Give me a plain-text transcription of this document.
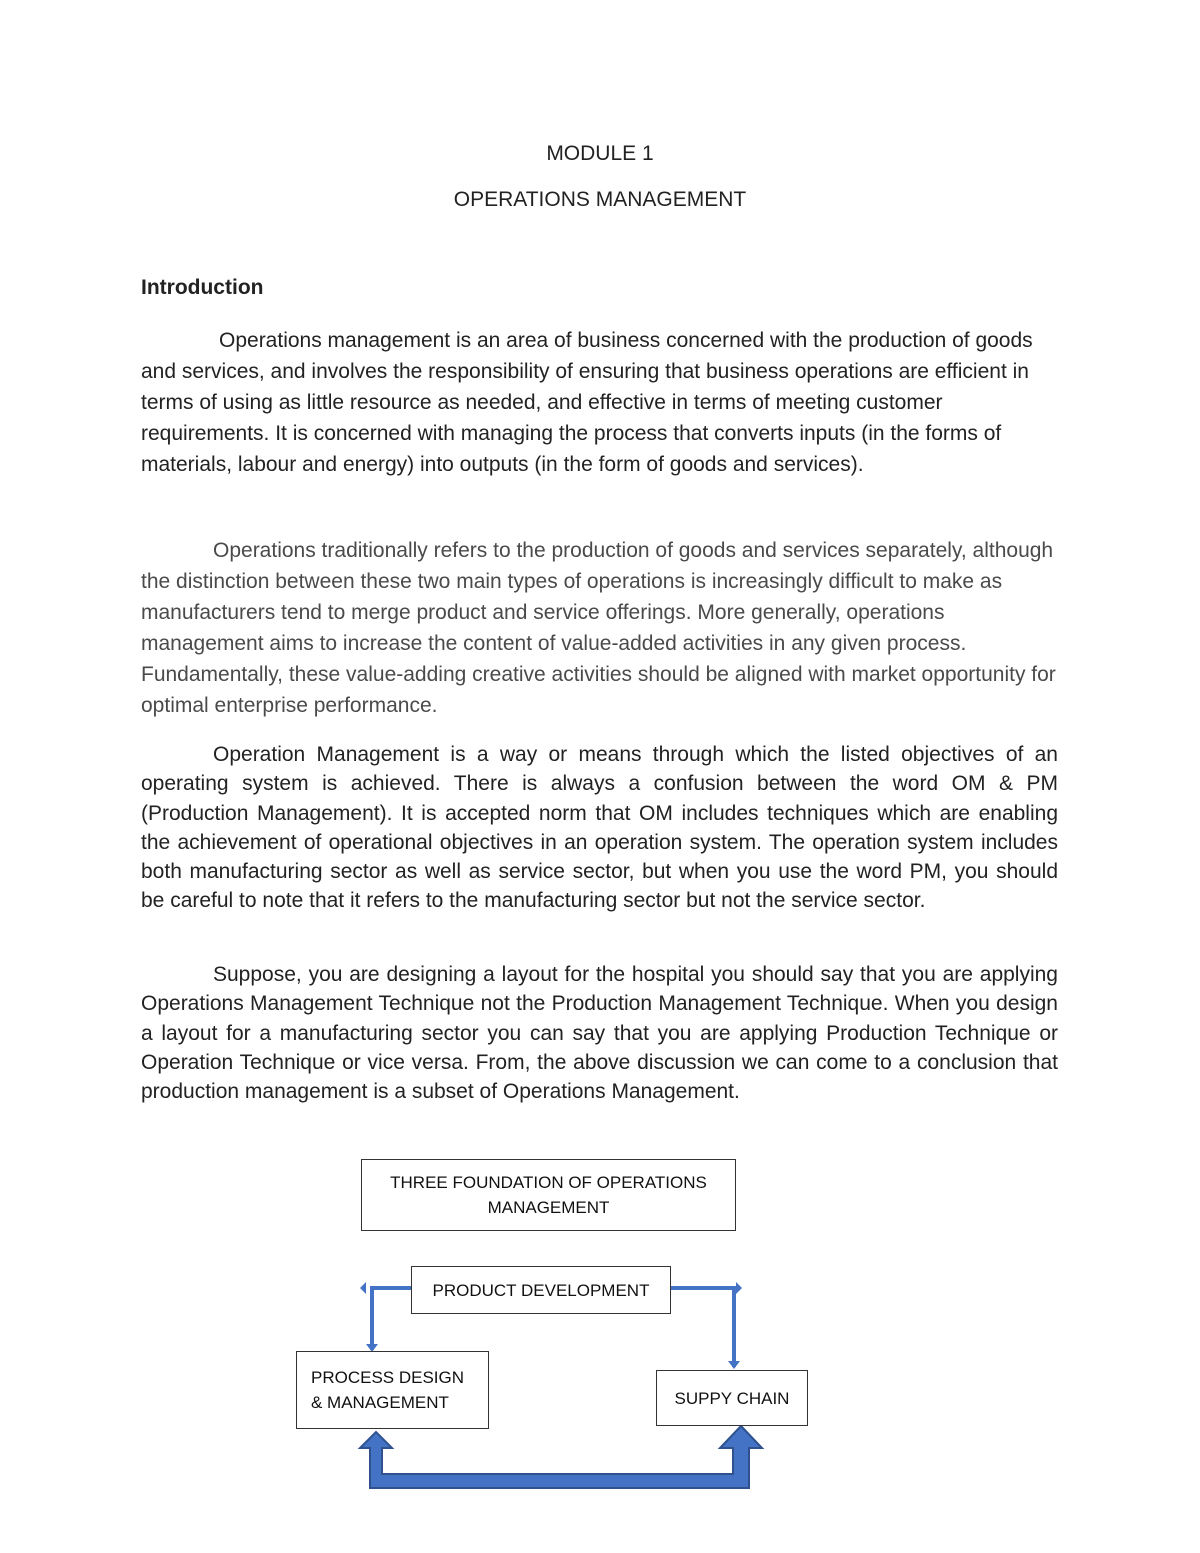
MODULE 1
OPERATIONS MANAGEMENT
Introduction
Operations management is an area of business concerned with the production of goods and services, and involves the responsibility of ensuring that business operations are efficient in terms of using as little resource as needed, and effective in terms of meeting customer requirements. It is concerned with managing the process that converts inputs (in the forms of materials, labour and energy) into outputs (in the form of goods and services).
Operations traditionally refers to the production of goods and services separately, although the distinction between these two main types of operations is increasingly difficult to make as manufacturers tend to merge product and service offerings. More generally, operations management aims to increase the content of value-added activities in any given process. Fundamentally, these value-adding creative activities should be aligned with market opportunity for optimal enterprise performance.
Operation Management is a way or means through which the listed objectives of an operating system is achieved. There is always a confusion between the word OM & PM (Production Management). It is accepted norm that OM includes techniques which are enabling the achievement of operational objectives in an operation system. The operation system includes both manufacturing sector as well as service sector, but when you use the word PM, you should be careful to note that it refers to the manufacturing sector but not the service sector.
Suppose, you are designing a layout for the hospital you should say that you are applying Operations Management Technique not the Production Management Technique. When you design a layout for a manufacturing sector you can say that you are applying Production Technique or Operation Technique or vice versa. From, the above discussion we can come to a conclusion that production management is a subset of Operations Management.
THREE FOUNDATION OF OPERATIONS
MANAGEMENT
PRODUCT DEVELOPMENT
PROCESS DESIGN
& MANAGEMENT	SUPPY CHAIN
